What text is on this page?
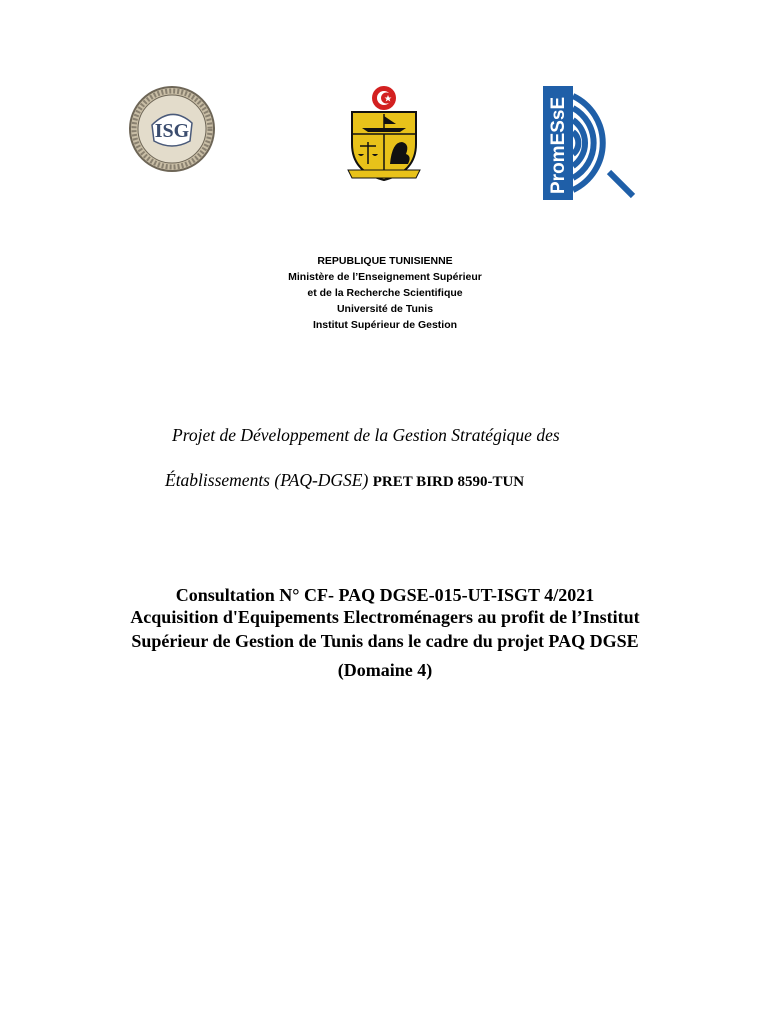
ISG	PromESsE
REPUBLIQUE TUNISIENNE
Ministère de l’Enseignement Supérieur
et de la Recherche Scientifique
Université de Tunis
Institut Supérieur de Gestion
Projet de Développement de la Gestion Stratégique des
Établissements (PAQ-DGSE) PRET BIRD 8590-TUN
Consultation N° CF- PAQ DGSE-015-UT-ISGT 4/2021
Acquisition d'Equipements Electroménagers au profit de l’Institut
Supérieur de Gestion de Tunis dans le cadre du projet PAQ DGSE
(Domaine 4)
